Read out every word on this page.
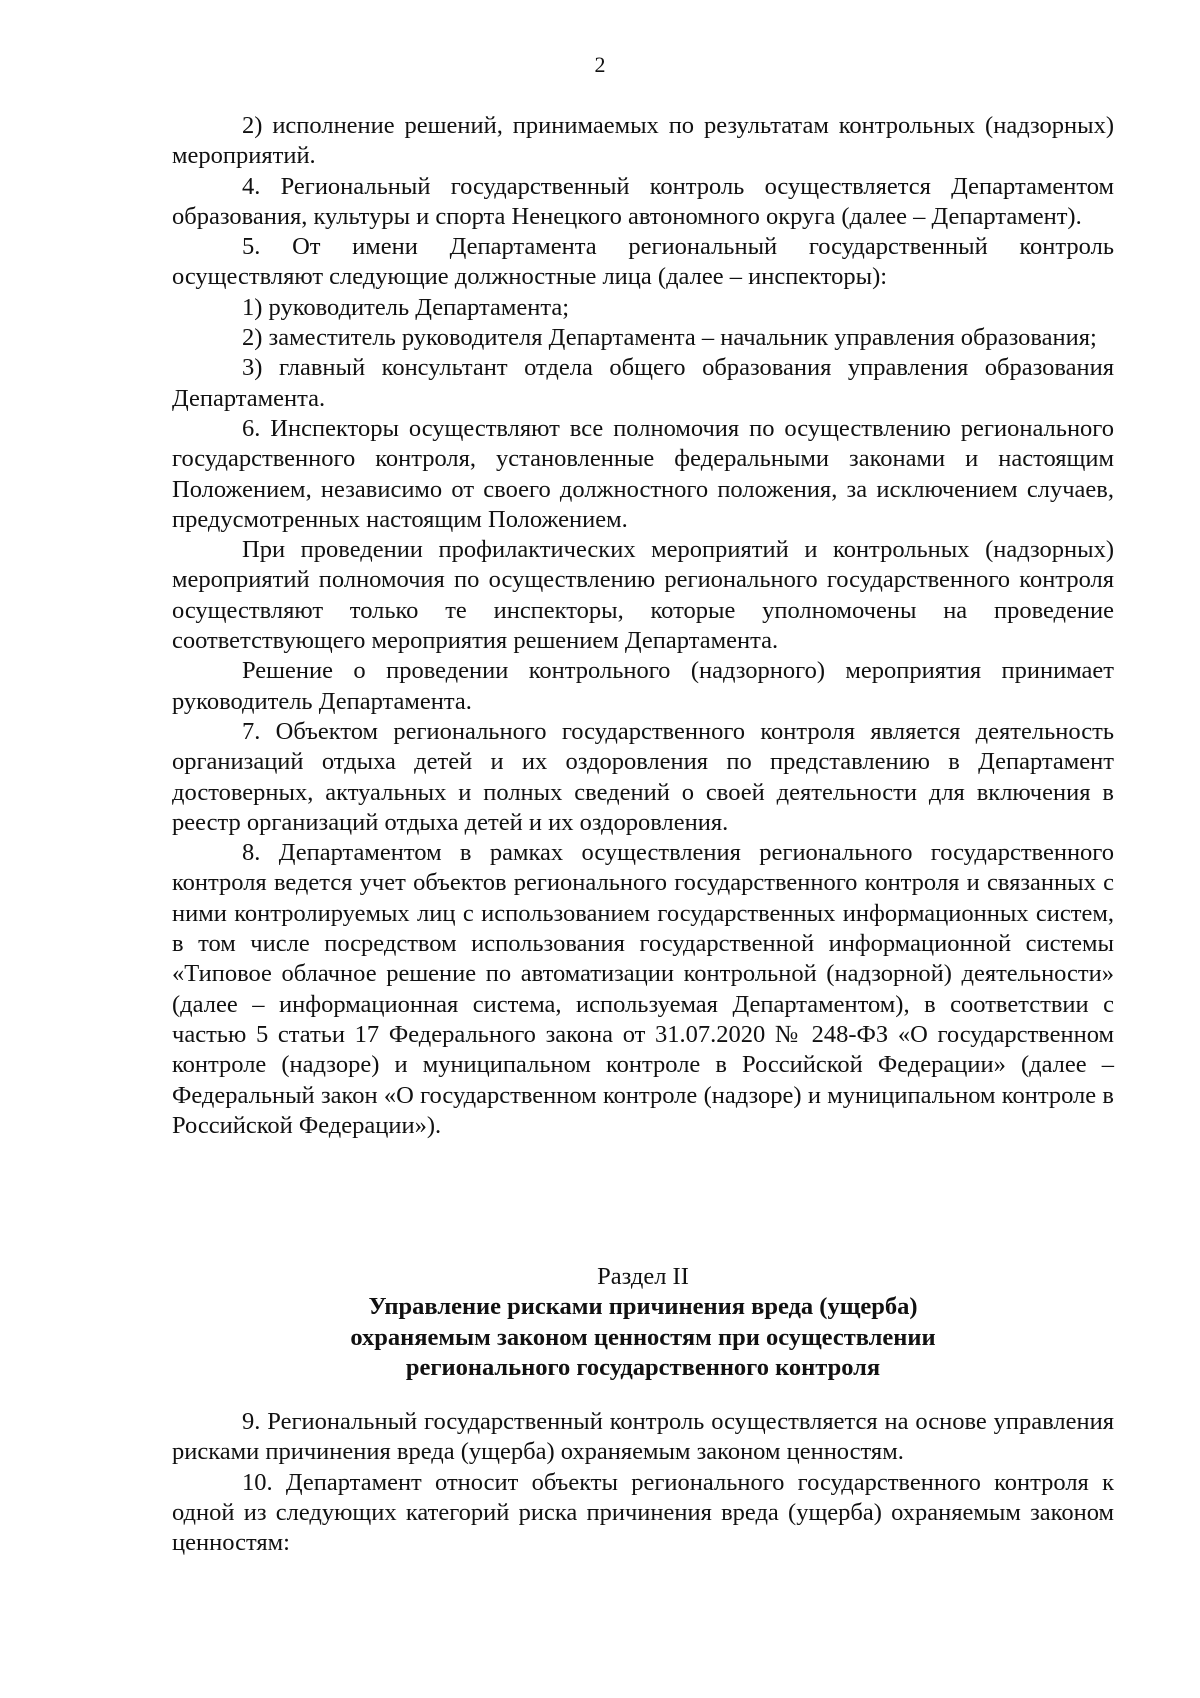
2

2) исполнение решений, принимаемых по результатам контрольных (надзорных) мероприятий.

4. Региональный государственный контроль осуществляется Департаментом образования, культуры и спорта Ненецкого автономного округа (далее – Департамент).

5. От имени Департамента региональный государственный контроль осуществляют следующие должностные лица (далее – инспекторы):

1) руководитель Департамента;

2) заместитель руководителя Департамента – начальник управления образования;

3) главный консультант отдела общего образования управления образования Департамента.

6. Инспекторы осуществляют все полномочия по осуществлению регионального государственного контроля, установленные федеральными законами и настоящим Положением, независимо от своего должностного положения, за исключением случаев, предусмотренных настоящим Положением.

При проведении профилактических мероприятий и контрольных (надзорных) мероприятий полномочия по осуществлению регионального государственного контроля осуществляют только те инспекторы, которые уполномочены на проведение соответствующего мероприятия решением Департамента.

Решение о проведении контрольного (надзорного) мероприятия принимает руководитель Департамента.

7. Объектом регионального государственного контроля является деятельность организаций отдыха детей и их оздоровления по представлению в Департамент достоверных, актуальных и полных сведений о своей деятельности для включения в реестр организаций отдыха детей и их оздоровления.

8. Департаментом в рамках осуществления регионального государственного контроля ведется учет объектов регионального государственного контроля и связанных с ними контролируемых лиц с использованием государственных информационных систем, в том числе посредством использования государственной информационной системы «Типовое облачное решение по автоматизации контрольной (надзорной) деятельности» (далее – информационная система, используемая Департаментом), в соответствии с частью 5 статьи 17 Федерального закона от 31.07.2020 № 248-ФЗ «О государственном контроле (надзоре) и муниципальном контроле в Российской Федерации» (далее – Федеральный закон «О государственном контроле (надзоре) и муниципальном контроле в Российской Федерации»).

Раздел II

Управление рисками причинения вреда (ущерба)

охраняемым законом ценностям при осуществлении

регионального государственного контроля

9. Региональный государственный контроль осуществляется на основе управления рисками причинения вреда (ущерба) охраняемым законом ценностям.

10. Департамент относит объекты регионального государственного контроля к одной из следующих категорий риска причинения вреда (ущерба) охраняемым законом ценностям:
